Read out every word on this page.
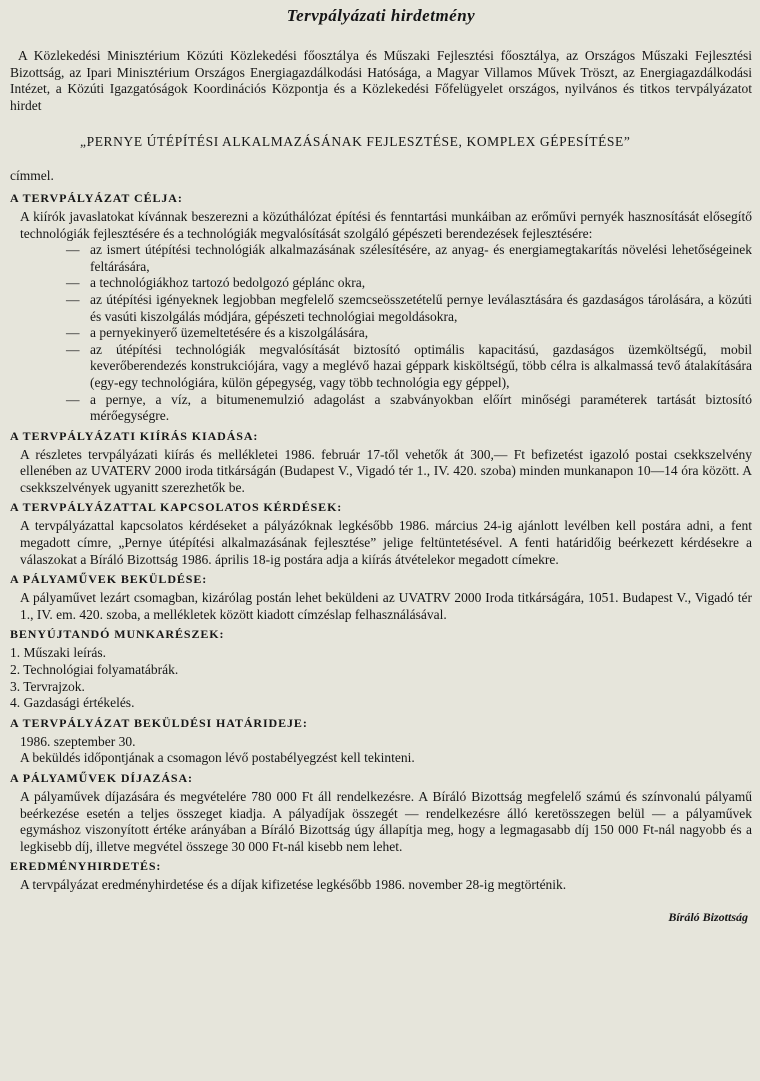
Tervpályázati hirdetmény

A Közlekedési Minisztérium Közúti Közlekedési főosztálya és Műszaki Fejlesztési főosztálya, az Országos Műszaki Fejlesztési Bizottság, az Ipari Minisztérium Országos Energiagazdálkodási Hatósága, a Magyar Villamos Művek Tröszt, az Energiagazdálkodási Intézet, a Közúti Igazgatóságok Koordinációs Központja és a Közlekedési Főfelügyelet országos, nyilvános és titkos tervpályázatot hirdet

„PERNYE ÚTÉPÍTÉSI ALKALMAZÁSÁNAK FEJLESZTÉSE, KOMPLEX GÉPESÍTÉSE”

címmel.

A TERVPÁLYÁZAT CÉLJA:

A kiírók javaslatokat kívánnak beszerezni a közúthálózat építési és fenntartási munkáiban az erőművi pernyék hasznosítását elősegítő technológiák fejlesztésére és a technológiák megvalósítását szolgáló gépészeti berendezések fejlesztésére:

— az ismert útépítési technológiák alkalmazásának szélesítésére, az anyag- és energiamegtakarítás növelési lehetőségeinek feltárására,
— a technológiákhoz tartozó bedolgozó géplánc okra,
— az útépítési igényeknek legjobban megfelelő szemcseösszetételű pernye leválasztására és gazdaságos tárolására, a közúti és vasúti kiszolgálás módjára, gépészeti technológiai megoldásokra,
— a pernyekinyerő üzemeltetésére és a kiszolgálására,
— az útépítési technológiák megvalósítását biztosító optimális kapacitású, gazdaságos üzemköltségű, mobil keverőberendezés konstrukciójára, vagy a meglévő hazai géppark kisköltségű, több célra is alkalmassá tevő átalakítására (egy-egy technológiára, külön gépegység, vagy több technológia egy géppel),
— a pernye, a víz, a bitumenemulzió adagolást a szabványokban előírt minőségi paraméterek tartását biztosító mérőegységre.
A TERVPÁLYÁZATI KIÍRÁS KIADÁSA:

A részletes tervpályázati kiírás és mellékletei 1986. február 17-től vehetők át 300,— Ft befizetést igazoló postai csekkszelvény ellenében az UVATERV 2000 iroda titkárságán (Budapest V., Vigadó tér 1., IV. 420. szoba) minden munkanapon 10—14 óra között. A csekkszelvények ugyanitt szerezhetők be.

A TERVPÁLYÁZATTAL KAPCSOLATOS KÉRDÉSEK:

A tervpályázattal kapcsolatos kérdéseket a pályázóknak legkésőbb 1986. március 24-ig ajánlott levélben kell postára adni, a fent megadott címre, „Pernye útépítési alkalmazásának fejlesztése” jelige feltüntetésével. A fenti határidőig beérkezett kérdésekre a válaszokat a Bíráló Bizottság 1986. április 18-ig postára adja a kiírás átvételekor megadott címekre.

A PÁLYAMŰVEK BEKÜLDÉSE:

A pályaművet lezárt csomagban, kizárólag postán lehet beküldeni az UVATRV 2000 Iroda titkárságára, 1051. Budapest V., Vigadó tér 1., IV. em. 420. szoba, a mellékletek között kiadott címzéslap felhasználásával.

BENYÚJTANDÓ MUNKARÉSZEK:
1. Műszaki leírás.
2. Technológiai folyamatábrák.
3. Tervrajzok.
4. Gazdasági értékelés.
A TERVPÁLYÁZAT BEKÜLDÉSI HATÁRIDEJE:

1986. szeptember 30.

A beküldés időpontjának a csomagon lévő postabélyegzést kell tekinteni.

A PÁLYAMŰVEK DÍJAZÁSA:

A pályaművek díjazására és megvételére 780 000 Ft áll rendelkezésre. A Bíráló Bizottság megfelelő számú és színvonalú pályamű beérkezése esetén a teljes összeget kiadja. A pályadíjak összegét — rendelkezésre álló keretösszegen belül — a pályaművek egymáshoz viszonyított értéke arányában a Bíráló Bizottság úgy állapítja meg, hogy a legmagasabb díj 150 000 Ft-nál nagyobb és a legkisebb díj, illetve megvétel összege 30 000 Ft-nál kisebb nem lehet.

EREDMÉNYHIRDETÉS:

A tervpályázat eredményhirdetése és a díjak kifizetése legkésőbb 1986. november 28-ig megtörténik.

Bíráló Bizottság
